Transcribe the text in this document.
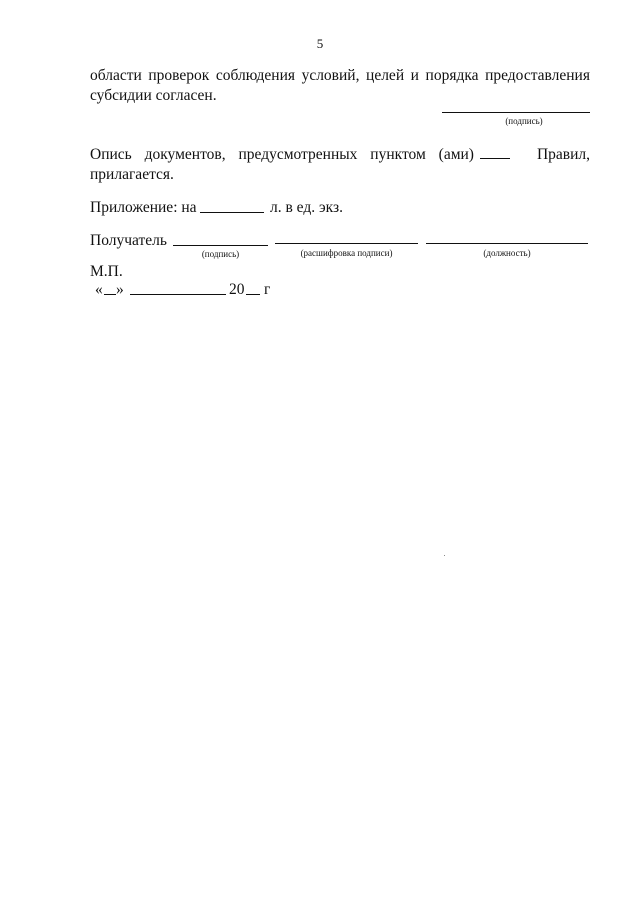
5
области проверок соблюдения условий, целей и порядка предоставления
субсидии согласен.
(подпись)
Опись документов, предусмотренных пунктом (ами)	Правил,
прилагается.
Приложение: на	л. в ед. экз.
Получатель
(подпись)	(расшифровка подписи)	(должность)
М.П.
« »	20 г
